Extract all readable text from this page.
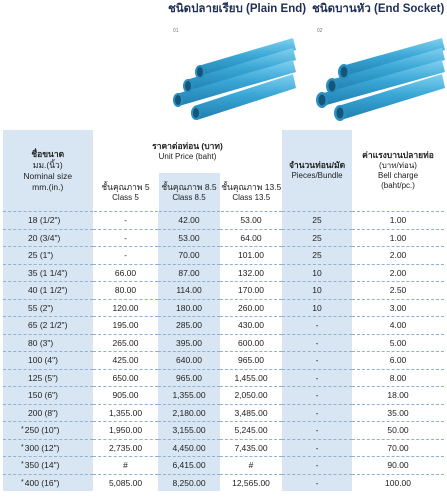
ชนิดปลายเรียบ (Plain End)
01
ชนิดบานหัว (End Socket)
02
ชื่อขนาด
มม.(นิ้ว)
Nominal size
mm.(in.)	ราคาต่อท่อน (บาท)
Unit Price (baht)			จำนวนท่อน/มัด
Pieces/Bundle	ค่าแรงบานปลายท่อ
(บาท/ท่อน)
Bell charge
(baht/pc.)

	ชั้นคุณภาพ 5
Class 5	ชั้นคุณภาพ 8.5
Class 8.5	ชั้นคุณภาพ 13.5
Class 13.5		

18 (1/2")	-	42.00	53.00	25	1.00
20 (3/4")	-	53.00	64.00	25	1.00
25 (1")	-	70.00	101.00	25	2.00
35 (1 1/4")	66.00	87.00	132.00	10	2.00
40 (1 1/2")	80.00	114.00	170.00	10	2.50
55 (2")	120.00	180.00	260.00	10	3.00
65 (2 1/2")	195.00	285.00	430.00	-	4.00
80 (3")	265.00	395.00	600.00	-	5.00
100 (4")	425.00	640.00	965.00	-	6.00
125 (5")	650.00	965.00	1,455.00	-	8.00
150 (6")	905.00	1,355.00	2,050.00	-	18.00
200 (8")	1,355.00	2,180.00	3,485.00	-	35.00
*250 (10")	1,950.00	3,155.00	5,245.00	-	50.00
*300 (12")	2,735.00	4,450.00	7,435.00	-	70.00
*350 (14")	#	6,415.00	#	-	90.00
*400 (16")	5,085.00	8,250.00	12,565.00	-	100.00
